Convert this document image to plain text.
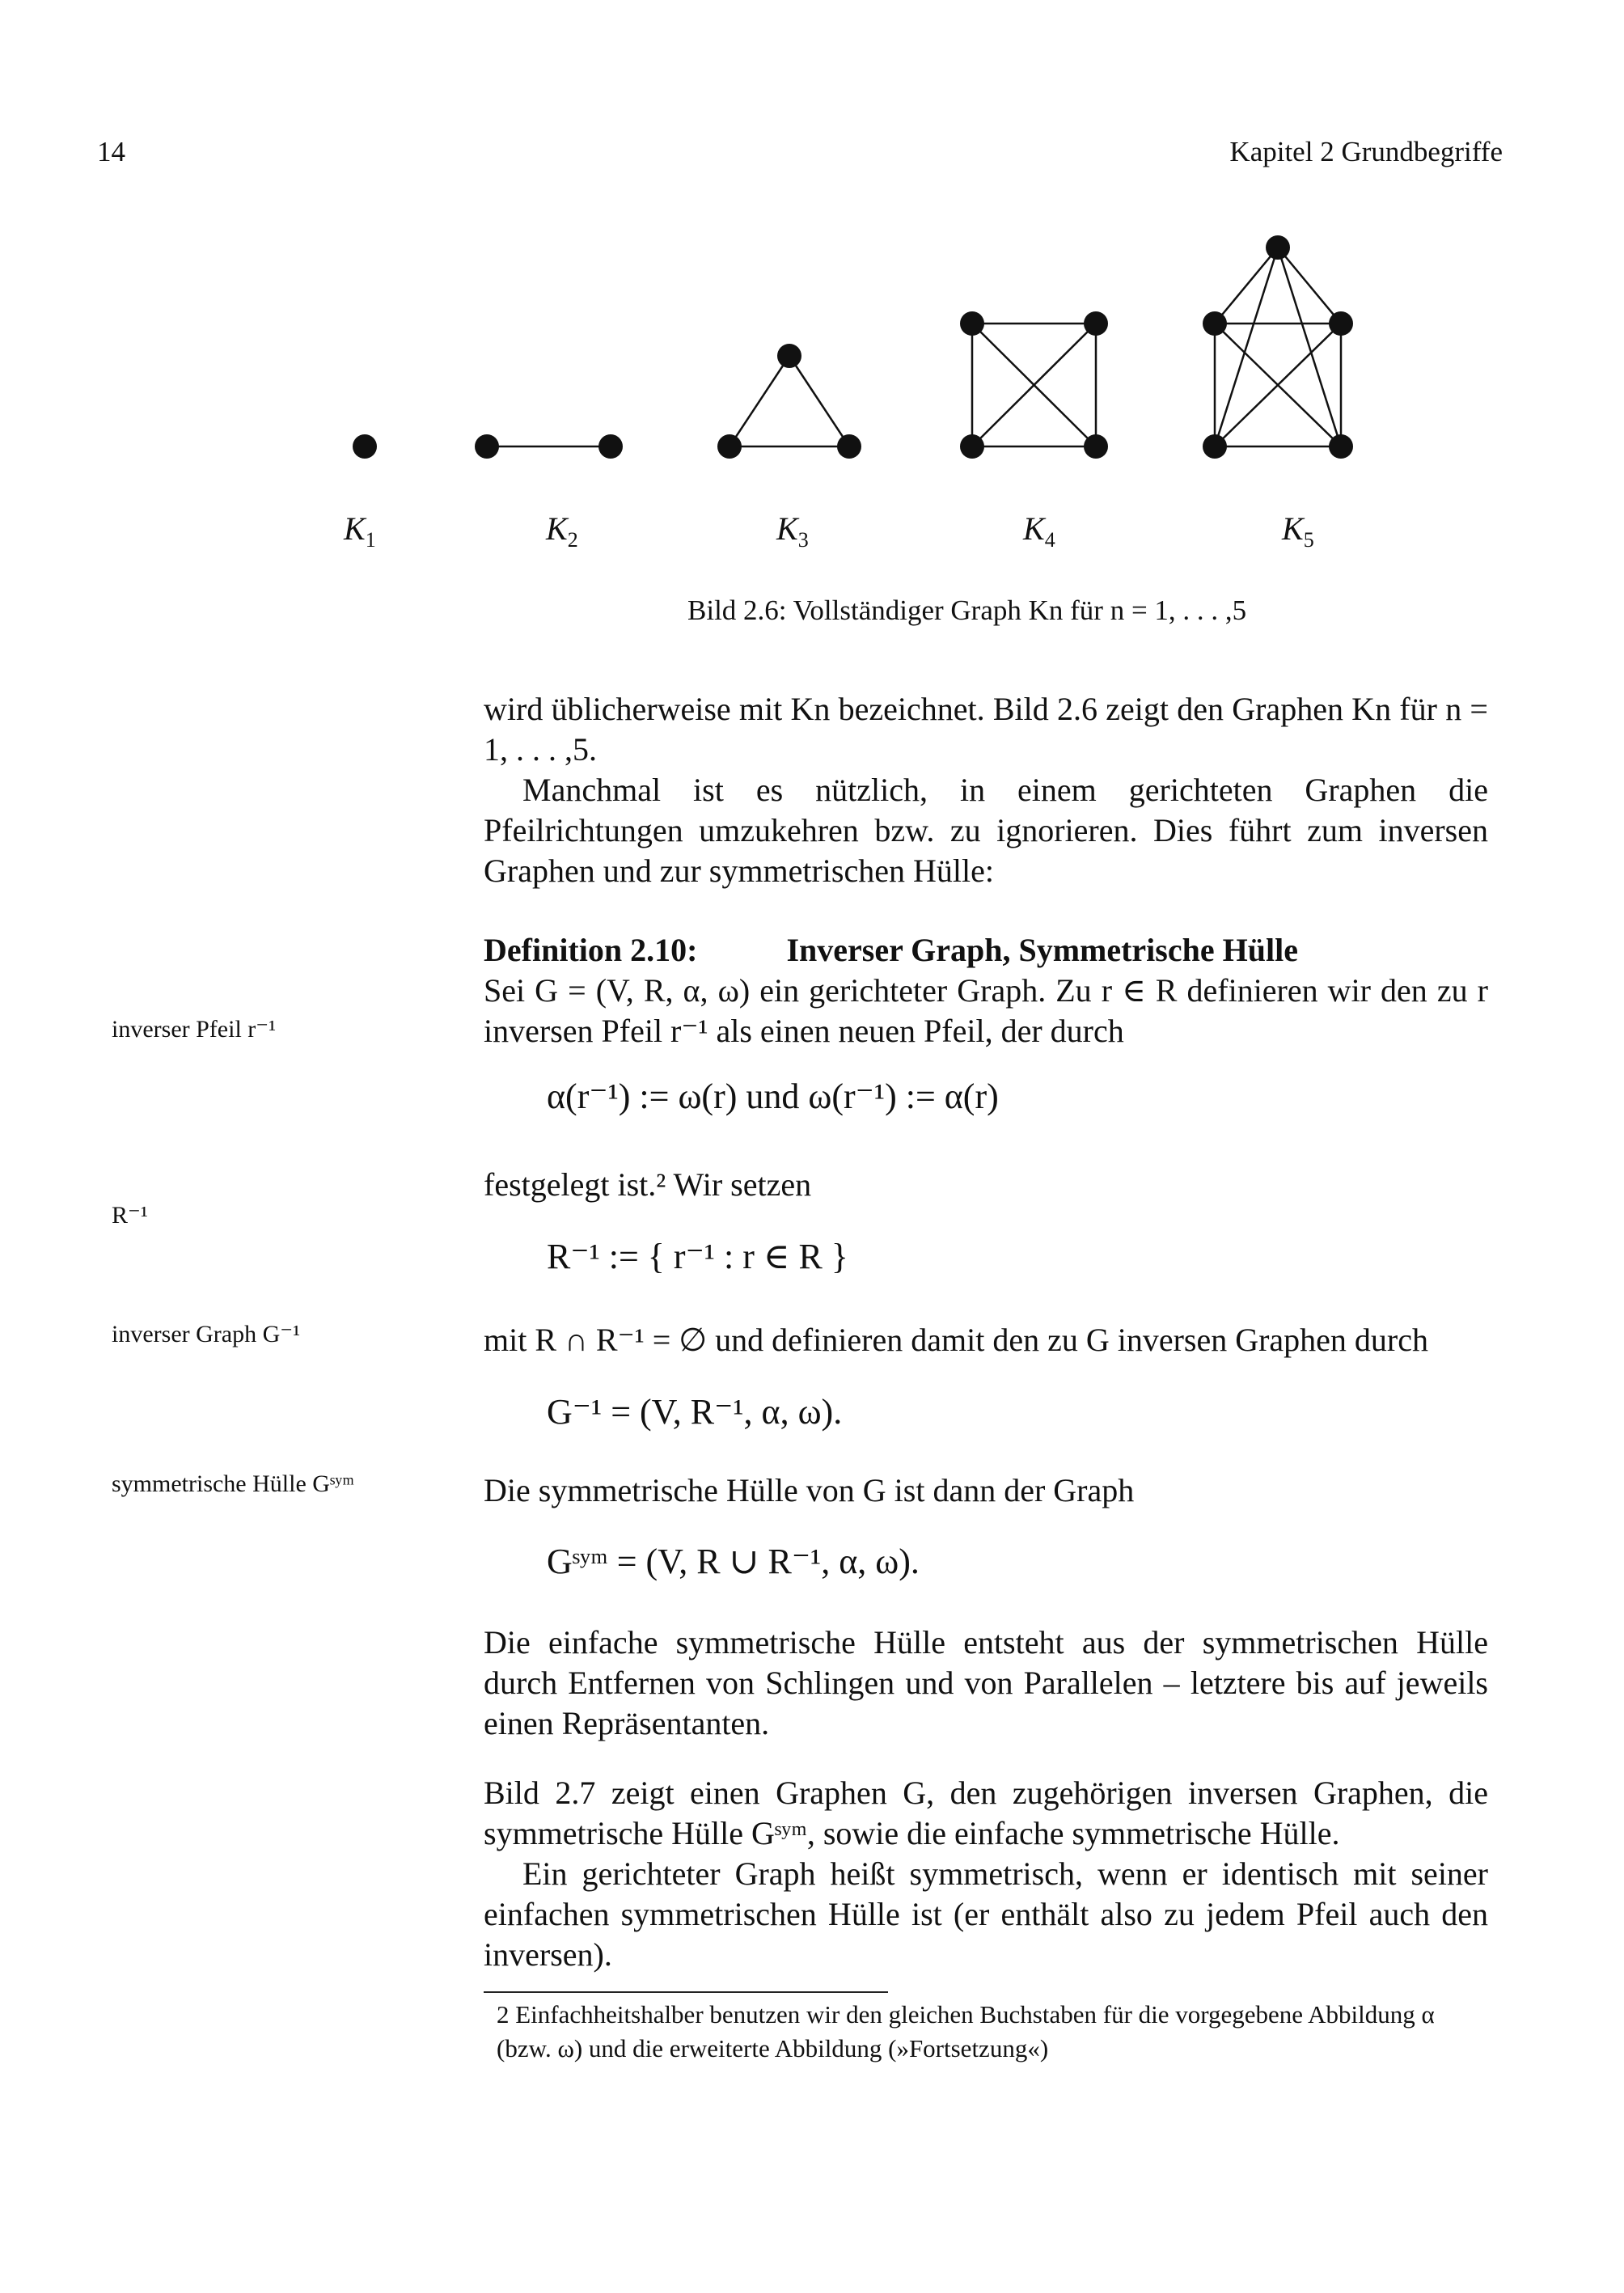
14	Kapitel 2 Grundbegriffe
$K_1$	$K_2$	$K_3$	$K_4$	$K_5$
Bild 2.6: Vollständiger Graph Kn für n = 1, . . . ,5
wird üblicherweise mit Kn bezeichnet. Bild 2.6 zeigt den Graphen Kn für n = 1, . . . ,5.
Manchmal ist es nützlich, in einem gerichteten Graphen die Pfeilrichtungen umzukehren bzw. zu ignorieren. Dies führt zum inversen Graphen und zur symmetrischen Hülle:
Definition 2.10:	Inverser Graph, Symmetrische Hülle
Sei G = (V, R, α, ω) ein gerichteter Graph. Zu r ∈ R definieren wir den zu r inversen Pfeil r⁻¹ als einen neuen Pfeil, der durch
α(r⁻¹) := ω(r) und ω(r⁻¹) := α(r)
festgelegt ist.² Wir setzen
R⁻¹ := { r⁻¹ : r ∈ R }
mit R ∩ R⁻¹ = ∅ und definieren damit den zu G inversen Graphen durch
G⁻¹ = (V, R⁻¹, α, ω).
Die symmetrische Hülle von G ist dann der Graph
Gˢʸᵐ = (V, R ∪ R⁻¹, α, ω).
Die einfache symmetrische Hülle entsteht aus der symmetrischen Hülle durch Entfernen von Schlingen und von Parallelen – letztere bis auf jeweils einen Repräsentanten.
Bild 2.7 zeigt einen Graphen G, den zugehörigen inversen Graphen, die symmetrische Hülle Gˢʸᵐ, sowie die einfache symmetrische Hülle.
Ein gerichteter Graph heißt symmetrisch, wenn er identisch mit seiner einfachen symmetrischen Hülle ist (er enthält also zu jedem Pfeil auch den inversen).
inverser Pfeil r⁻¹
R⁻¹
inverser Graph G⁻¹
symmetrische Hülle Gˢʸᵐ
2 Einfachheitshalber benutzen wir den gleichen Buchstaben für die vorgegebene Abbildung α (bzw. ω) und die erweiterte Abbildung (»Fortsetzung«)
